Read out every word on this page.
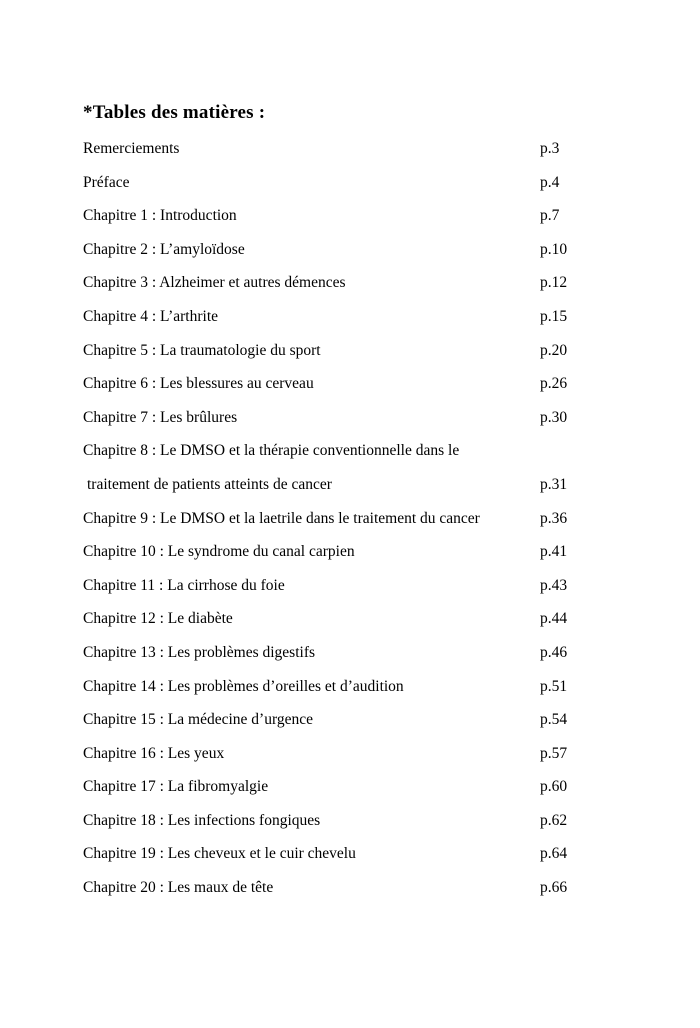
*Tables des matières :
Remerciements	p.3
Préface	p.4
Chapitre 1 : Introduction	p.7
Chapitre 2 : L’amyloïdose	p.10
Chapitre 3 : Alzheimer et autres démences	p.12
Chapitre 4 : L’arthrite	p.15
Chapitre 5 : La traumatologie du sport	p.20
Chapitre 6 : Les blessures au cerveau	p.26
Chapitre 7 : Les brûlures	p.30
Chapitre 8 : Le DMSO et la thérapie conventionnelle dans le
traitement de patients atteints de cancer	p.31
Chapitre 9 : Le DMSO et la laetrile dans le traitement du cancer	p.36
Chapitre 10 : Le syndrome du canal carpien	p.41
Chapitre 11 : La cirrhose du foie	p.43
Chapitre 12 : Le diabète	p.44
Chapitre 13 : Les problèmes digestifs	p.46
Chapitre 14 : Les problèmes d’oreilles et d’audition	p.51
Chapitre 15 : La médecine d’urgence	p.54
Chapitre 16 : Les yeux	p.57
Chapitre 17 : La fibromyalgie	p.60
Chapitre 18 : Les infections fongiques	p.62
Chapitre 19 : Les cheveux et le cuir chevelu	p.64
Chapitre 20 : Les maux de tête	p.66
